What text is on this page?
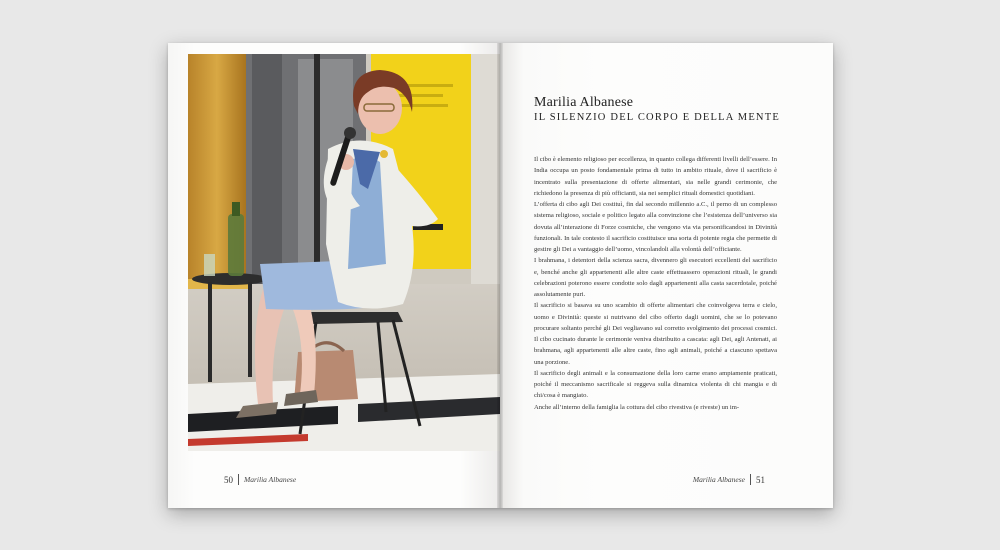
50 Marilia Albanese
Marilia Albanese
IL SILENZIO DEL CORPO E DELLA MENTE

Il cibo è elemento religioso per eccellenza, in quanto collega differenti livelli dell’essere. In India occupa un posto fondamentale prima di tutto in ambito rituale, dove il sacrificio è incentrato sulla presentazione di offerte alimentari, sia nelle grandi cerimonie, che richiedono la presenza di più officianti, sia nei semplici rituali domestici quotidiani.

L’offerta di cibo agli Dei costituì, fin dal secondo millennio a.C., il perno di un complesso sistema religioso, sociale e politico legato alla convinzione che l’esistenza dell’universo sia dovuta all’interazione di Forze cosmiche, che vengono via via personificandosi in Divinità funzionali. In tale contesto il sacrificio costituisce una sorta di potente regia che permette di gestire gli Dei a vantaggio dell’uomo, vincolandoli alla volontà dell’officiante.

I brahmana, i detentori della scienza sacra, divennero gli esecutori eccellenti del sacrificio e, benché anche gli appartenenti alle altre caste effettuassero operazioni rituali, le grandi celebrazioni poterono essere condotte solo dagli appartenenti alla casta sacerdotale, poiché assolutamente puri.

Il sacrificio si basava su uno scambio di offerte alimentari che coinvolgeva terra e cielo, uomo e Divinità: queste si nutrivano del cibo offerto dagli uomini, che se lo potevano procurare soltanto perché gli Dei vegliavano sul corretto svolgimento dei processi cosmici. Il cibo cucinato durante le cerimonie veniva distribuito a cascata: agli Dei, agli Antenati, ai brahmana, agli appartenenti alle altre caste, fino agli animali, poiché a ciascuno spettava una porzione.

Il sacrificio degli animali e la consumazione della loro carne erano ampiamente praticati, poiché il meccanismo sacrificale si reggeva sulla dinamica violenta di chi mangia e di chi/cosa è mangiato.

Anche all’interno della famiglia la cottura del cibo rivestiva (e riveste) un im-

Marilia Albanese 51
